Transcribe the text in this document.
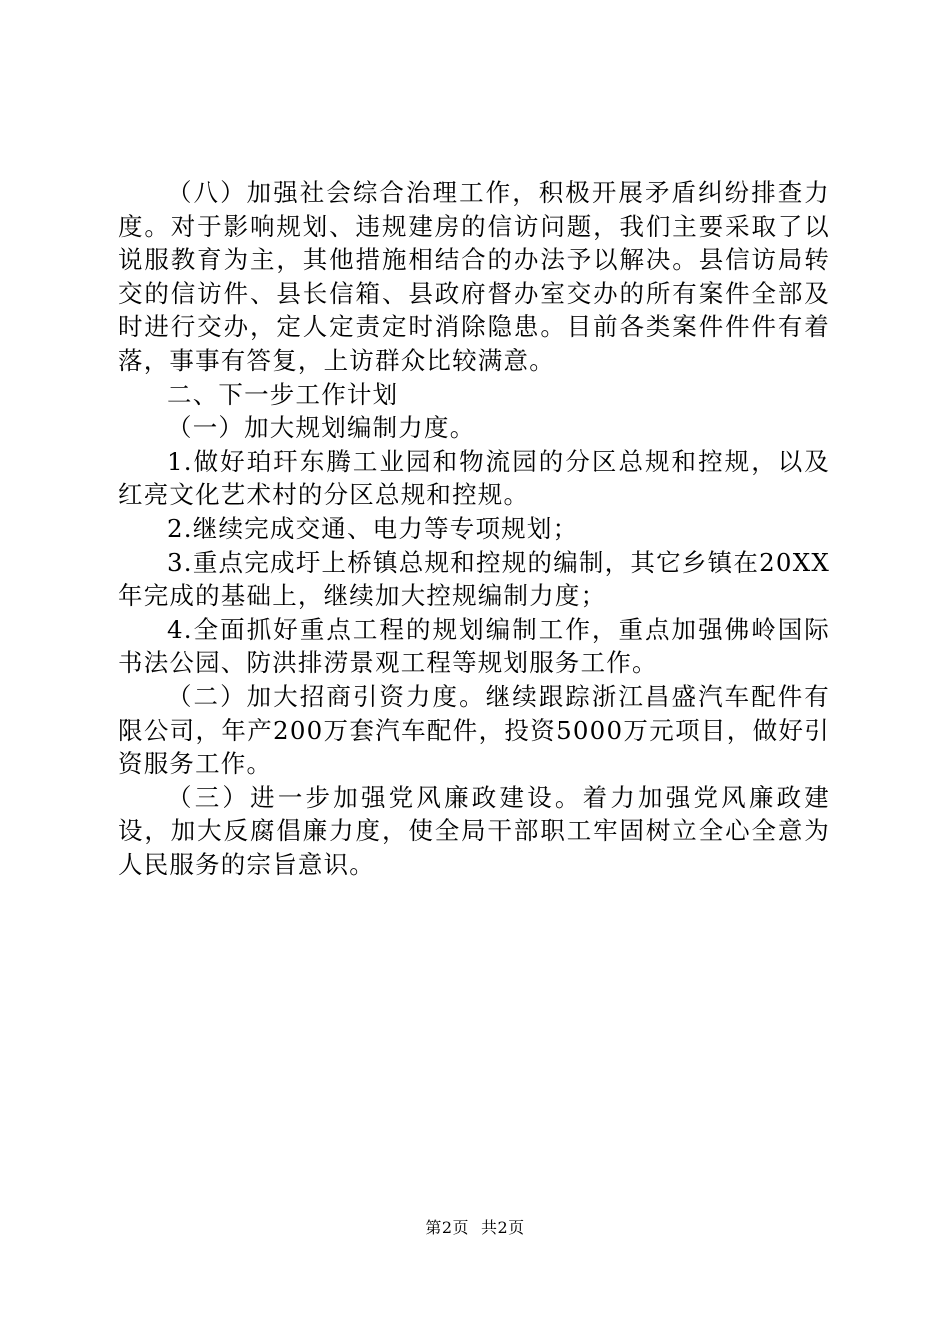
（八）加强社会综合治理工作，积极开展矛盾纠纷排查力度。对于影响规划、违规建房的信访问题，我们主要采取了以说服教育为主，其他措施相结合的办法予以解决。县信访局转交的信访件、县长信箱、县政府督办室交办的所有案件全部及时进行交办，定人定责定时消除隐患。目前各类案件件件有着落，事事有答复，上访群众比较满意。

二、下一步工作计划

（一）加大规划编制力度。

1.做好珀玕东腾工业园和物流园的分区总规和控规，以及红亮文化艺术村的分区总规和控规。

2.继续完成交通、电力等专项规划；

3.重点完成圩上桥镇总规和控规的编制，其它乡镇在20XX年完成的基础上，继续加大控规编制力度；

4.全面抓好重点工程的规划编制工作，重点加强佛岭国际书法公园、防洪排涝景观工程等规划服务工作。

（二）加大招商引资力度。继续跟踪浙江昌盛汽车配件有限公司，年产200万套汽车配件，投资5000万元项目，做好引资服务工作。

（三）进一步加强党风廉政建设。着力加强党风廉政建设，加大反腐倡廉力度，使全局干部职工牢固树立全心全意为人民服务的宗旨意识。

第2页 共2页
